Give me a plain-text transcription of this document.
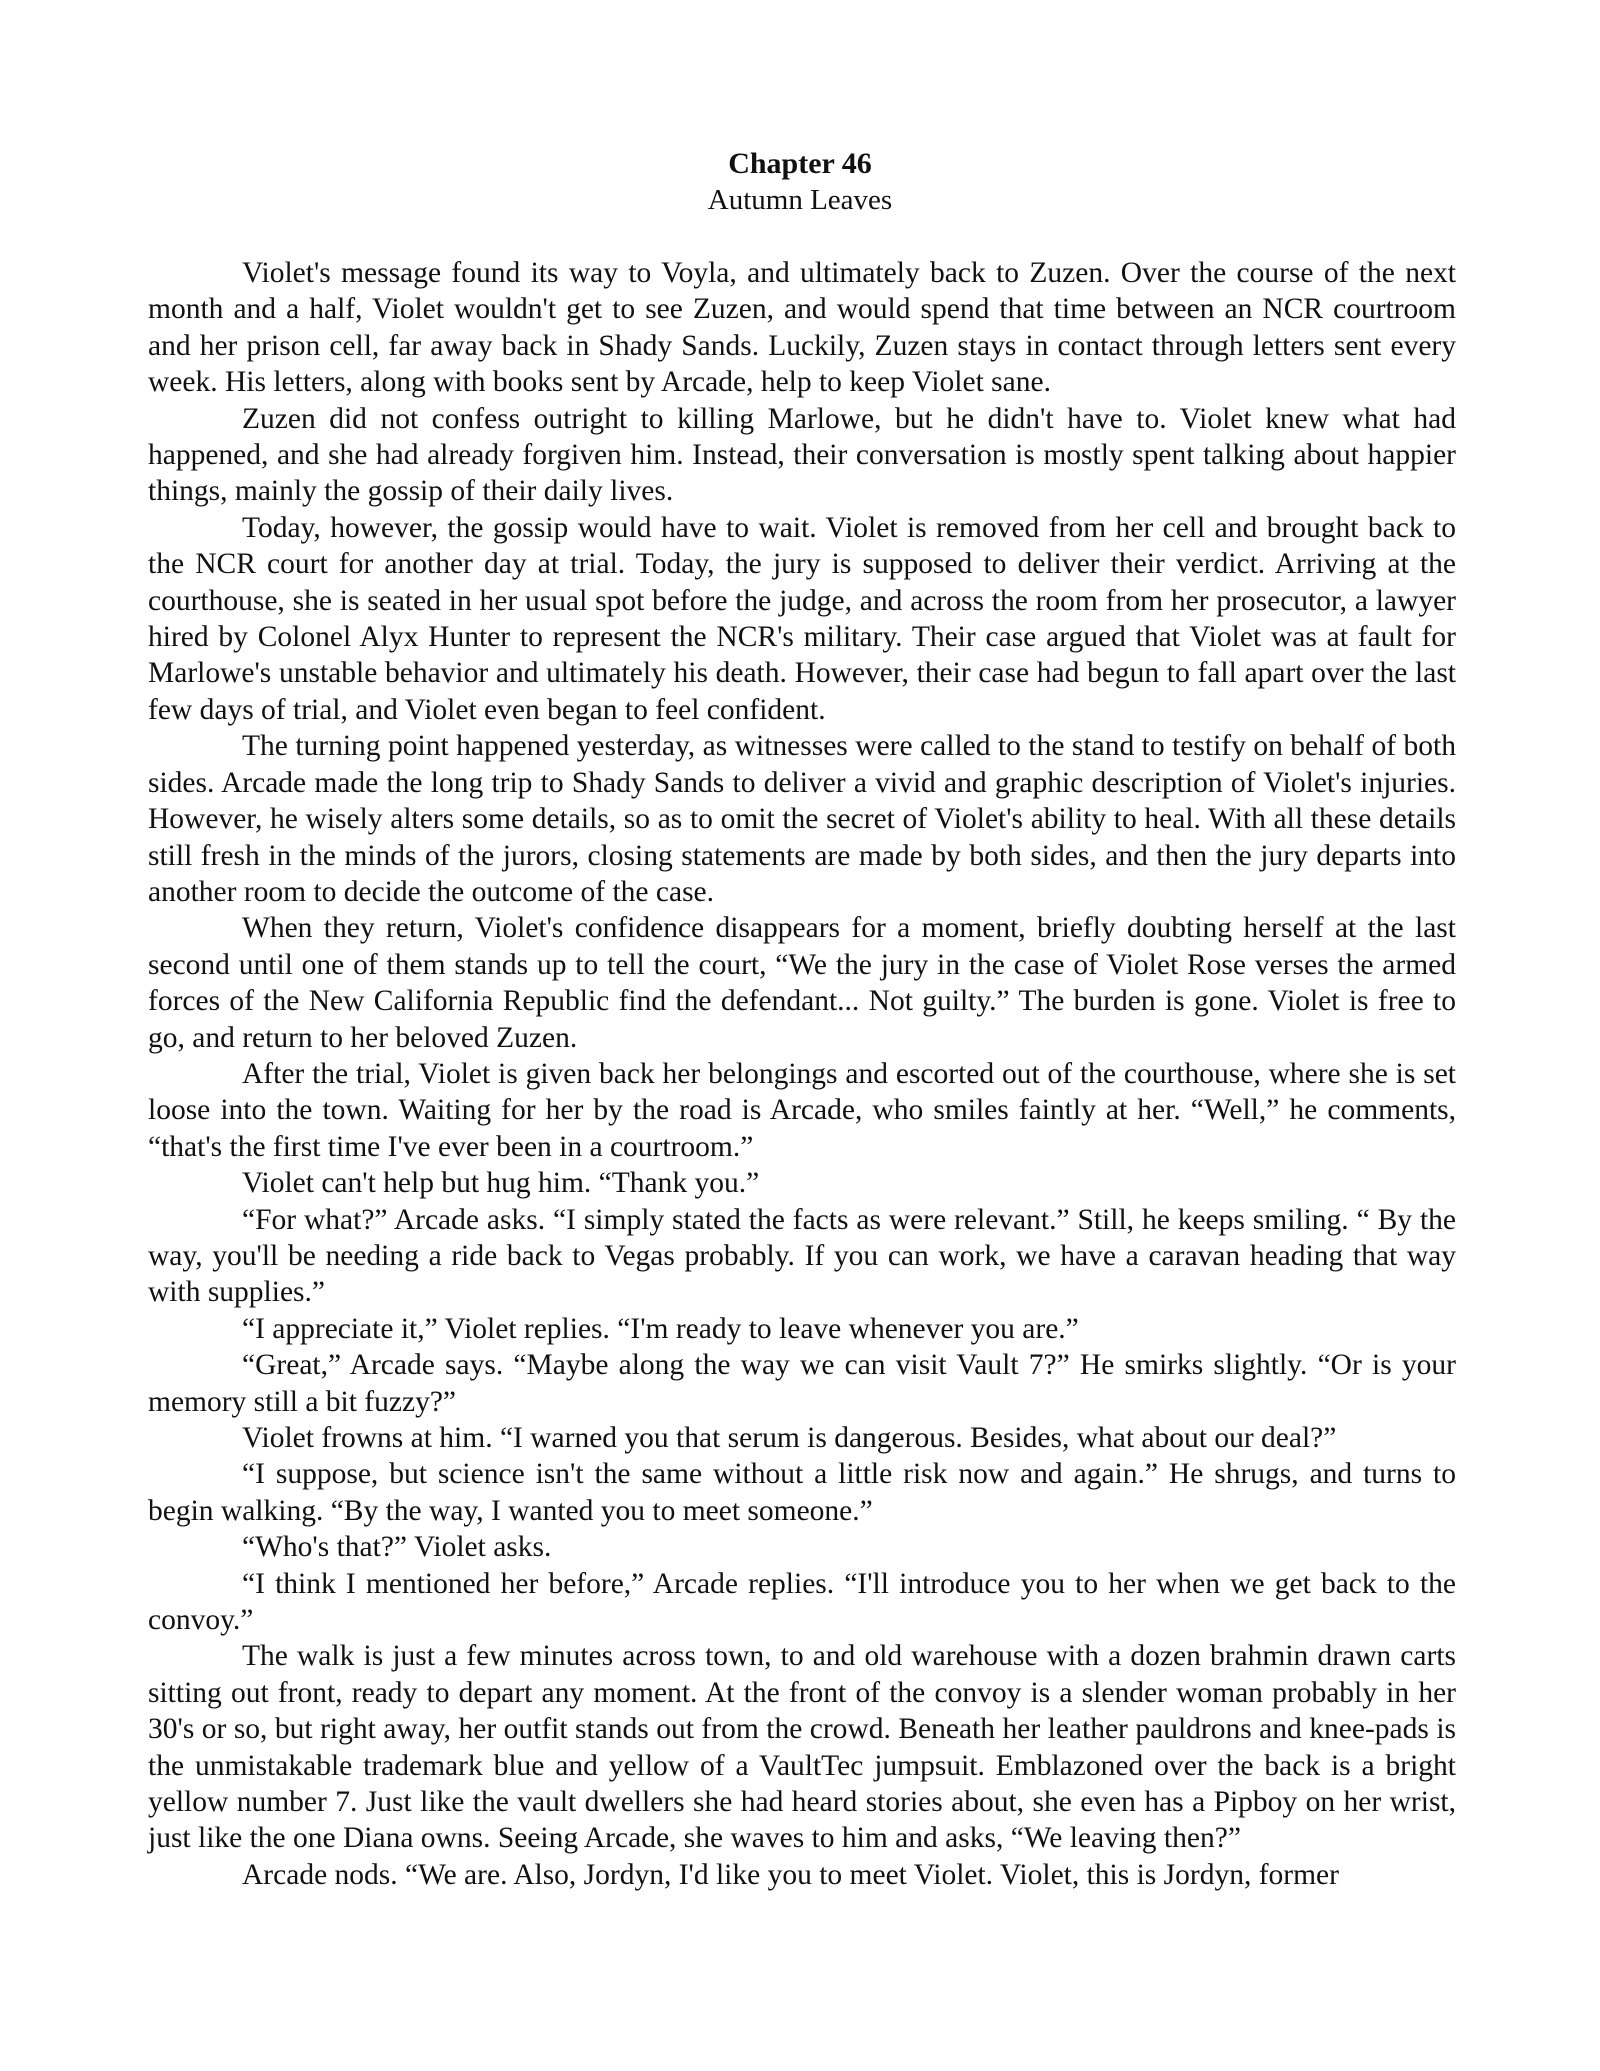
Chapter 46
Autumn Leaves

Violet's message found its way to Voyla, and ultimately back to Zuzen. Over the course of the next month and a half, Violet wouldn't get to see Zuzen, and would spend that time between an NCR courtroom and her prison cell, far away back in Shady Sands. Luckily, Zuzen stays in contact through letters sent every week. His letters, along with books sent by Arcade, help to keep Violet sane.

Zuzen did not confess outright to killing Marlowe, but he didn't have to. Violet knew what had happened, and she had already forgiven him. Instead, their conversation is mostly spent talking about happier things, mainly the gossip of their daily lives.

Today, however, the gossip would have to wait. Violet is removed from her cell and brought back to the NCR court for another day at trial. Today, the jury is supposed to deliver their verdict. Arriving at the courthouse, she is seated in her usual spot before the judge, and across the room from her prosecutor, a lawyer hired by Colonel Alyx Hunter to represent the NCR's military. Their case argued that Violet was at fault for Marlowe's unstable behavior and ultimately his death. However, their case had begun to fall apart over the last few days of trial, and Violet even began to feel confident.

The turning point happened yesterday, as witnesses were called to the stand to testify on behalf of both sides. Arcade made the long trip to Shady Sands to deliver a vivid and graphic description of Violet's injuries. However, he wisely alters some details, so as to omit the secret of Violet's ability to heal. With all these details still fresh in the minds of the jurors, closing statements are made by both sides, and then the jury departs into another room to decide the outcome of the case.

When they return, Violet's confidence disappears for a moment, briefly doubting herself at the last second until one of them stands up to tell the court, “We the jury in the case of Violet Rose verses the armed forces of the New California Republic find the defendant... Not guilty.” The burden is gone. Violet is free to go, and return to her beloved Zuzen.

After the trial, Violet is given back her belongings and escorted out of the courthouse, where she is set loose into the town. Waiting for her by the road is Arcade, who smiles faintly at her. “Well,” he comments, “that's the first time I've ever been in a courtroom.”

Violet can't help but hug him. “Thank you.”

“For what?” Arcade asks. “I simply stated the facts as were relevant.” Still, he keeps smiling. “ By the way, you'll be needing a ride back to Vegas probably. If you can work, we have a caravan heading that way with supplies.”

“I appreciate it,” Violet replies. “I'm ready to leave whenever you are.”

“Great,” Arcade says. “Maybe along the way we can visit Vault 7?” He smirks slightly. “Or is your memory still a bit fuzzy?”

Violet frowns at him. “I warned you that serum is dangerous. Besides, what about our deal?”

“I suppose, but science isn't the same without a little risk now and again.” He shrugs, and turns to begin walking. “By the way, I wanted you to meet someone.”

“Who's that?” Violet asks.

“I think I mentioned her before,” Arcade replies. “I'll introduce you to her when we get back to the convoy.”

The walk is just a few minutes across town, to and old warehouse with a dozen brahmin drawn carts sitting out front, ready to depart any moment. At the front of the convoy is a slender woman probably in her 30's or so, but right away, her outfit stands out from the crowd. Beneath her leather pauldrons and knee-pads is the unmistakable trademark blue and yellow of a VaultTec jumpsuit. Emblazoned over the back is a bright yellow number 7. Just like the vault dwellers she had heard stories about, she even has a Pipboy on her wrist, just like the one Diana owns. Seeing Arcade, she waves to him and asks, “We leaving then?”

Arcade nods. “We are. Also, Jordyn, I'd like you to meet Violet. Violet, this is Jordyn, former
